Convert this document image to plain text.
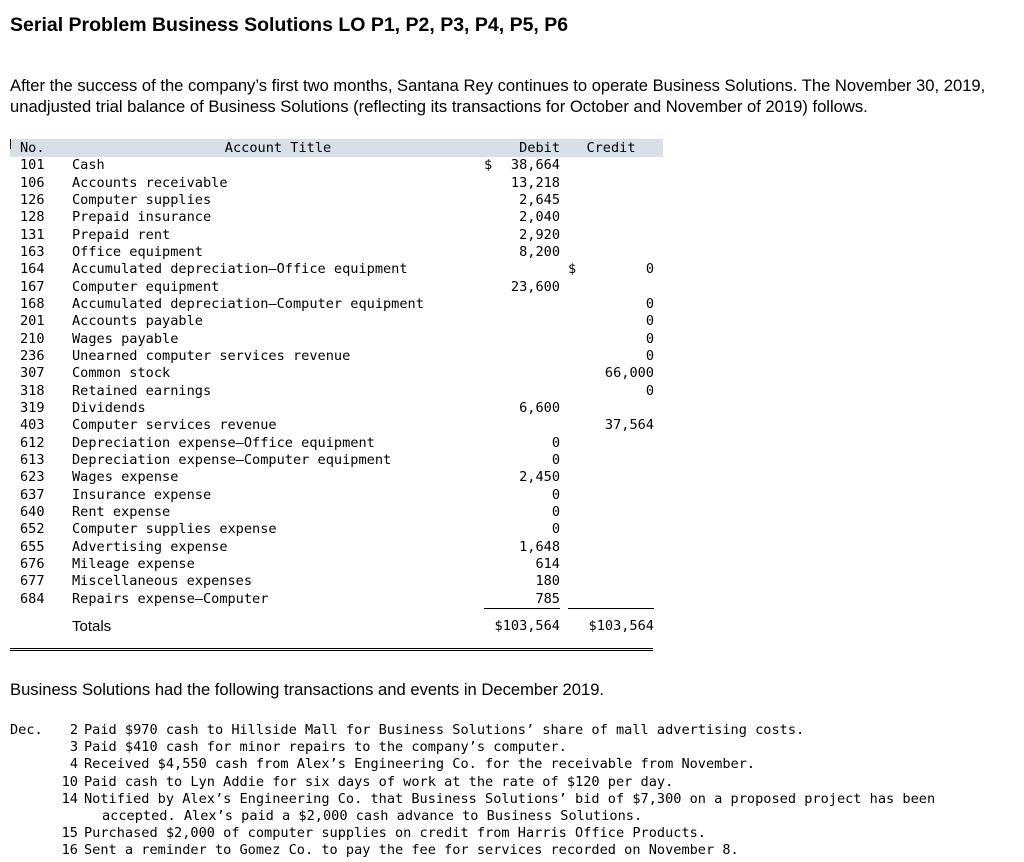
Serial Problem Business Solutions LO P1, P2, P3, P4, P5, P6

After the success of the company’s first two months, Santana Rey continues to operate Business Solutions. The November 30, 2019, unadjusted trial balance of Business Solutions (reflecting its transactions for October and November of 2019) follows.

No.	Account Title	Debit		Credit	
101	Cash	$ 38,664			
106	Accounts receivable	13,218			
126	Computer supplies	2,645			
128	Prepaid insurance	2,040			
131	Prepaid rent	2,920			
163	Office equipment	8,200			
164	Accumulated depreciation—Office equipment			$ 0	
167	Computer equipment	23,600			
168	Accumulated depreciation—Computer equipment			0	
201	Accounts payable			0	
210	Wages payable			0	
236	Unearned computer services revenue			0	
307	Common stock			66,000	
318	Retained earnings			0	
319	Dividends	6,600			
403	Computer services revenue			37,564	
612	Depreciation expense—Office equipment	0			
613	Depreciation expense—Computer equipment	0			
623	Wages expense	2,450			
637	Insurance expense	0			
640	Rent expense	0			
652	Computer supplies expense	0			
655	Advertising expense	1,648			
676	Mileage expense	614			
677	Miscellaneous expenses	180			
684	Repairs expense—Computer	785			
	Totals	$103,564		$103,564	

Business Solutions had the following transactions and events in December 2019.

Dec.	2 Paid $970 cash to Hillside Mall for Business Solutions’ share of mall advertising costs.
3 Paid $410 cash for minor repairs to the company’s computer.
4 Received $4,550 cash from Alex’s Engineering Co. for the receivable from November.
10 Paid cash to Lyn Addie for six days of work at the rate of $120 per day.
14 Notified by Alex’s Engineering Co. that Business Solutions’ bid of $7,300 on a proposed project has been
accepted. Alex’s paid a $2,000 cash advance to Business Solutions.
15 Purchased $2,000 of computer supplies on credit from Harris Office Products.
16 Sent a reminder to Gomez Co. to pay the fee for services recorded on November 8.
